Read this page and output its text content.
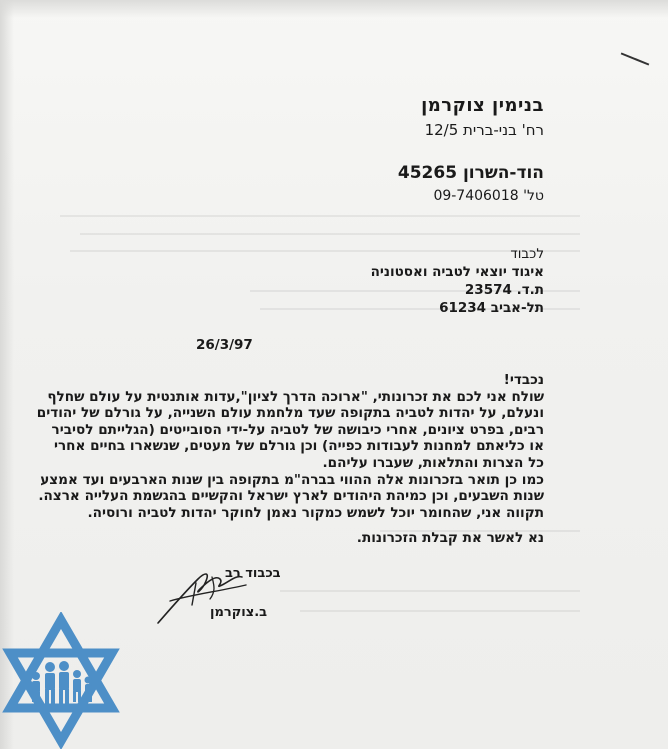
בנימין צוקרמן
רח' בני-ברית 12/5
הוד-השרון 45265
טל' 09-7406018
לכבוד
איגוד יוצאי לטביה ואסטוניה
ת.ד. 23574
תל-אביב 61234
26/3/97

נכבדי!

שולח אני לכם את זכרונותי, "ארוכה הדרך לציון",עדות אותנטית על עולם שחלף ונעלם, על יהדות לטביה בתקופה שעד מלחמת עולם השנייה, על גורלם של יהודים רבים, בפרט ציונים, אחרי כיבושה של לטביה על-ידי הסובייטים (הגלייתם לסיביר או כליאתם למחנות לעבודות כפייה) וכן גורלם של מעטים, שנשארו בחיים אחרי כל הצרות והתלאות, שעברו עליהם.

כמו כן תואר בזכרונות אלה ההווי בברה"מ בתקופה בין שנות הארבעים ועד אמצע שנות השבעים, וכן כמיהת היהודים לארץ ישראל והקשיים בהגשמת העלייה ארצה.

תקווה אני, שהחומר יוכל לשמש כמקור נאמן לחוקר יהדות לטביה ורוסיה.

נא לאשר את קבלת הזכרונות.
בכבוד רב
ב.צוקרמן
